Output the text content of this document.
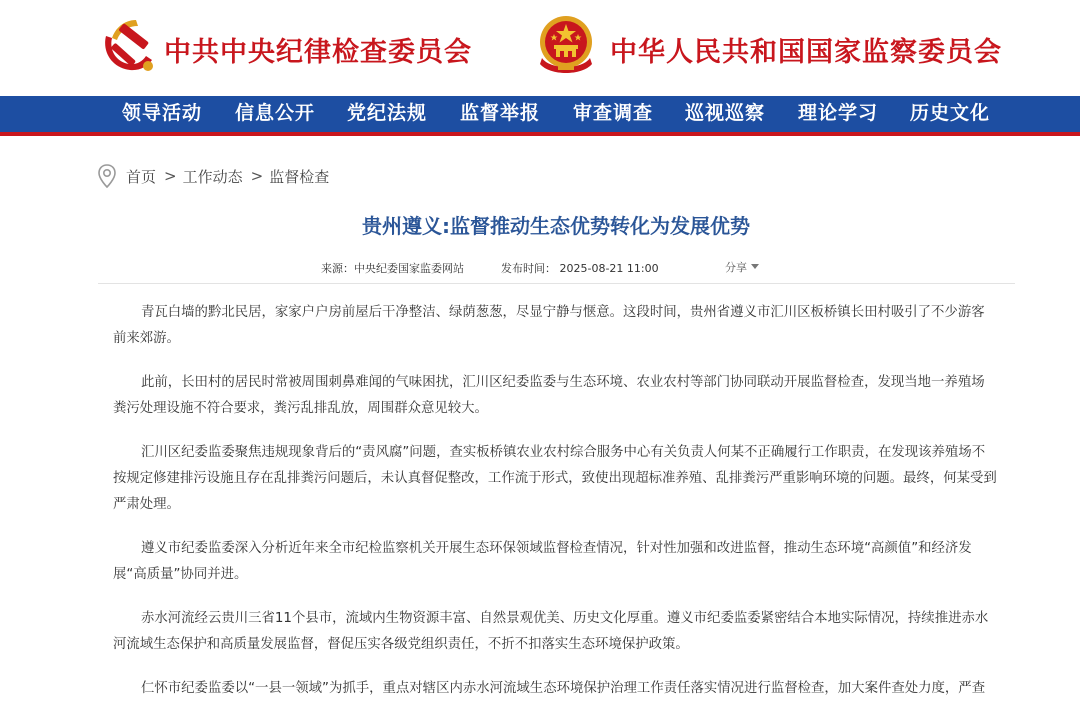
中共中央纪律检查委员会	中华人民共和国国家监察委员会
领导活动 信息公开 党纪法规 监督举报 审查调查 巡视巡察 理论学习 历史文化
首页 > 工作动态 > 监督检查
贵州遵义:监督推动生态优势转化为发展优势
来源：中央纪委国家监委网站	发布时间： 2025-08-21 11:00	分享

青瓦白墙的黔北民居，家家户户房前屋后干净整洁、绿荫葱葱，尽显宁静与惬意。这段时间，贵州省遵义市汇川区板桥镇长田村吸引了不少游客前来郊游。

此前，长田村的居民时常被周围刺鼻难闻的气味困扰，汇川区纪委监委与生态环境、农业农村等部门协同联动开展监督检查，发现当地一养殖场粪污处理设施不符合要求，粪污乱排乱放，周围群众意见较大。

汇川区纪委监委聚焦违规现象背后的“责风腐”问题，查实板桥镇农业农村综合服务中心有关负责人何某不正确履行工作职责，在发现该养殖场不按规定修建排污设施且存在乱排粪污问题后，未认真督促整改，工作流于形式，致使出现超标准养殖、乱排粪污严重影响环境的问题。最终，何某受到严肃处理。

遵义市纪委监委深入分析近年来全市纪检监察机关开展生态环保领域监督检查情况，针对性加强和改进监督，推动生态环境“高颜值”和经济发展“高质量”协同并进。

赤水河流经云贵川三省11个县市，流域内生物资源丰富、自然景观优美、历史文化厚重。遵义市纪委监委紧密结合本地实际情况，持续推进赤水河流域生态保护和高质量发展监督，督促压实各级党组织责任，不折不扣落实生态环境保护政策。

仁怀市纪委监委以“一县一领域”为抓手，重点对辖区内赤水河流域生态环境保护治理工作责任落实情况进行监督检查，加大案件查处力度，严查
